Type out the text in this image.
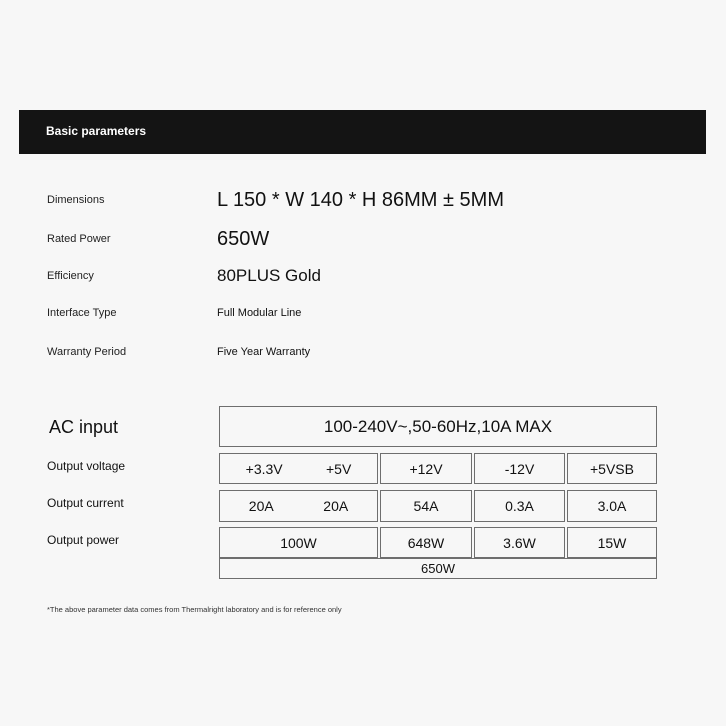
Basic parameters
Dimensions	L 150 * W 140 * H 86MM ± 5MM
Rated Power	650W
Efficiency	80PLUS Gold
Interface Type	Full Modular Line
Warranty Period	Five Year Warranty
AC input	100-240V~,50-60Hz,10A MAX
Output voltage	+3.3V	+5V	+12V	-12V	+5VSB
Output current	20A	20A	54A	0.3A	3.0A
Output power	100W	648W	3.6W	15W
650W
*The above parameter data comes from Thermalright laboratory and is for reference only
